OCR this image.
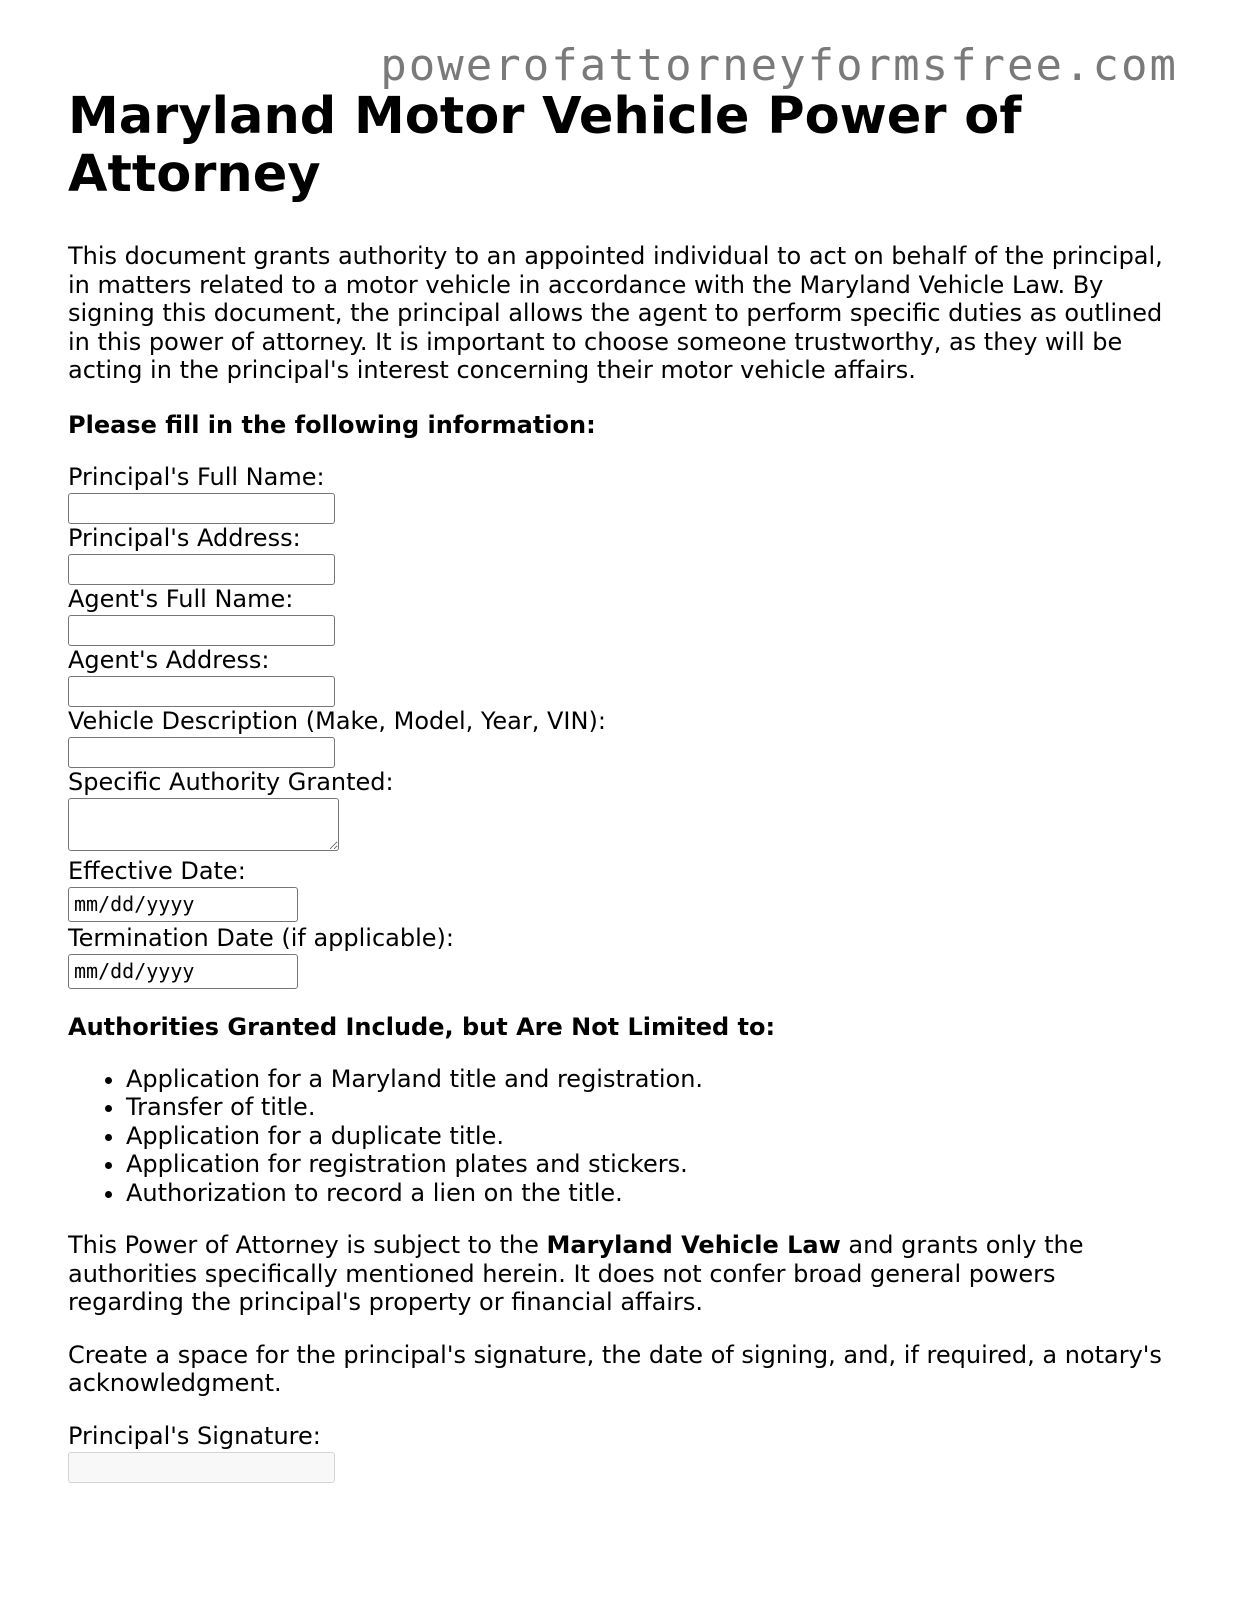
powerofattorneyformsfree.com
Maryland Motor Vehicle Power of Attorney

This document grants authority to an appointed individual to act on behalf of the principal, in matters related to a motor vehicle in accordance with the Maryland Vehicle Law. By signing this document, the principal allows the agent to perform specific duties as outlined in this power of attorney. It is important to choose someone trustworthy, as they will be acting in the principal's interest concerning their motor vehicle affairs.

Please fill in the following information:
Principal's Full Name:
Principal's Address:
Agent's Full Name:
Agent's Address:
Vehicle Description (Make, Model, Year, VIN):
Specific Authority Granted:
Effective Date:
mm/dd/yyyy
Termination Date (if applicable):
mm/dd/yyyy
Authorities Granted Include, but Are Not Limited to:
• Application for a Maryland title and registration.
• Transfer of title.
• Application for a duplicate title.
• Application for registration plates and stickers.
• Authorization to record a lien on the title.

This Power of Attorney is subject to the Maryland Vehicle Law and grants only the authorities specifically mentioned herein. It does not confer broad general powers regarding the principal's property or financial affairs.

Create a space for the principal's signature, the date of signing, and, if required, a notary's acknowledgment.

Principal's Signature:
